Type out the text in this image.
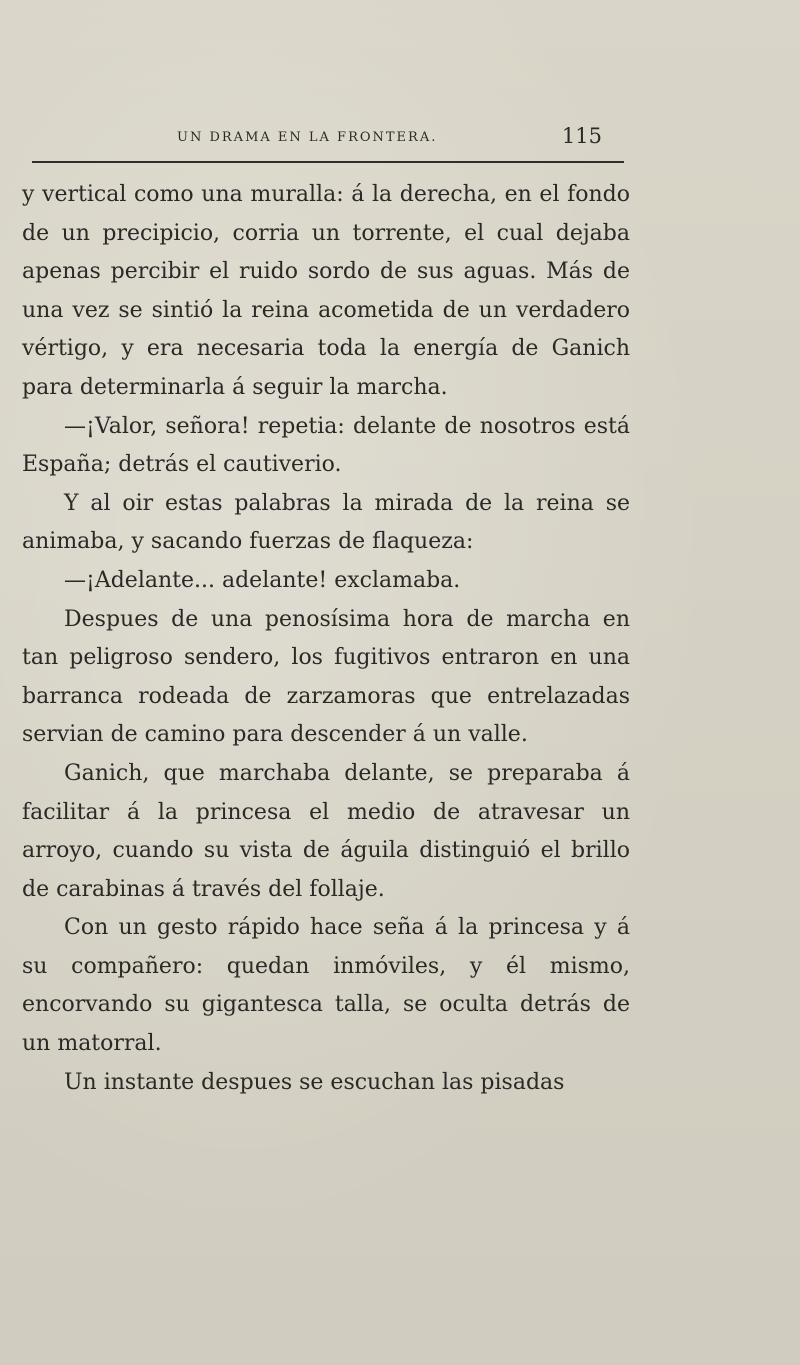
UN DRAMA EN LA FRONTERA.	115

y vertical como una muralla: á la derecha, en el fondo de un precipicio, corria un torrente, el cual dejaba apenas percibir el ruido sordo de sus aguas. Más de una vez se sintió la reina acometida de un verdadero vértigo, y era necesaria toda la energía de Ganich para determinarla á seguir la marcha.

—¡Valor, señora! repetia: delante de nosotros está España; detrás el cautiverio.

Y al oir estas palabras la mirada de la reina se animaba, y sacando fuerzas de flaqueza:

—¡Adelante... adelante! exclamaba.

Despues de una penosísima hora de marcha en tan peligroso sendero, los fugitivos entraron en una barranca rodeada de zarzamoras que entrelazadas servian de camino para descender á un valle.

Ganich, que marchaba delante, se preparaba á facilitar á la princesa el medio de atravesar un arroyo, cuando su vista de águila distinguió el brillo de carabinas á través del follaje.

Con un gesto rápido hace seña á la princesa y á su compañero: quedan inmóviles, y él mismo, encorvando su gigantesca talla, se oculta detrás de un matorral.

Un instante despues se escuchan las pisadas
